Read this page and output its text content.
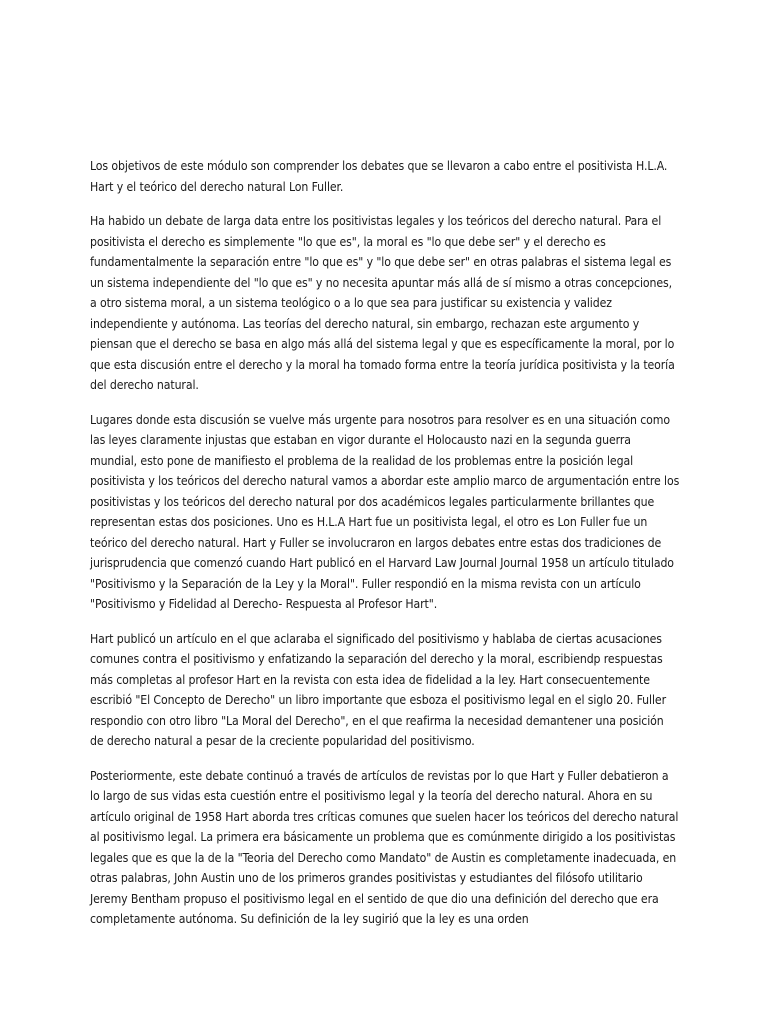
Los objetivos de este módulo son comprender los debates que se llevaron a cabo entre el positivista H.L.A. Hart y el teórico del derecho natural Lon Fuller.

Ha habido un debate de larga data entre los positivistas legales y los teóricos del derecho natural. Para el positivista el derecho es simplemente "lo que es", la moral es "lo que debe ser" y el derecho es fundamentalmente la separación entre "lo que es" y "lo que debe ser" en otras palabras el sistema legal es un sistema independiente del "lo que es" y no necesita apuntar más allá de sí mismo a otras concepciones, a otro sistema moral, a un sistema teológico o a lo que sea para justificar su existencia y validez independiente y autónoma. Las teorías del derecho natural, sin embargo, rechazan este argumento y piensan que el derecho se basa en algo más allá del sistema legal y que es específicamente la moral, por lo que esta discusión entre el derecho y la moral ha tomado forma entre la teoría jurídica positivista y la teoría del derecho natural.

Lugares donde esta discusión se vuelve más urgente para nosotros para resolver es en una situación como las leyes claramente injustas que estaban en vigor durante el Holocausto nazi en la segunda guerra mundial, esto pone de manifiesto el problema de la realidad de los problemas entre la posición legal positivista y los teóricos del derecho natural vamos a abordar este amplio marco de argumentación entre los positivistas y los teóricos del derecho natural por dos académicos legales particularmente brillantes que representan estas dos posiciones. Uno es H.L.A Hart fue un positivista legal, el otro es Lon Fuller fue un teórico del derecho natural. Hart y Fuller se involucraron en largos debates entre estas dos tradiciones de jurisprudencia que comenzó cuando Hart publicó en el Harvard Law Journal Journal 1958 un artículo titulado "Positivismo y la Separación de la Ley y la Moral". Fuller respondió en la misma revista con un artículo "Positivismo y Fidelidad al Derecho- Respuesta al Profesor Hart".

Hart publicó un artículo en el que aclaraba el significado del positivismo y hablaba de ciertas acusaciones comunes contra el positivismo y enfatizando la separación del derecho y la moral, escribiendp respuestas más completas al profesor Hart en la revista con esta idea de fidelidad a la ley. Hart consecuentemente escribió "El Concepto de Derecho" un libro importante que esboza el positivismo legal en el siglo 20. Fuller respondio con otro libro "La Moral del Derecho", en el que reafirma la necesidad demantener una posición de derecho natural a pesar de la creciente popularidad del positivismo.

Posteriormente, este debate continuó a través de artículos de revistas por lo que Hart y Fuller debatieron a lo largo de sus vidas esta cuestión entre el positivismo legal y la teoría del derecho natural. Ahora en su artículo original de 1958 Hart aborda tres críticas comunes que suelen hacer los teóricos del derecho natural al positivismo legal. La primera era básicamente un problema que es comúnmente dirigido a los positivistas legales que es que la de la "Teoria del Derecho como Mandato" de Austin es completamente inadecuada, en otras palabras, John Austin uno de los primeros grandes positivistas y estudiantes del filósofo utilitario Jeremy Bentham propuso el positivismo legal en el sentido de que dio una definición del derecho que era completamente autónoma. Su definición de la ley sugirió que la ley es una orden
